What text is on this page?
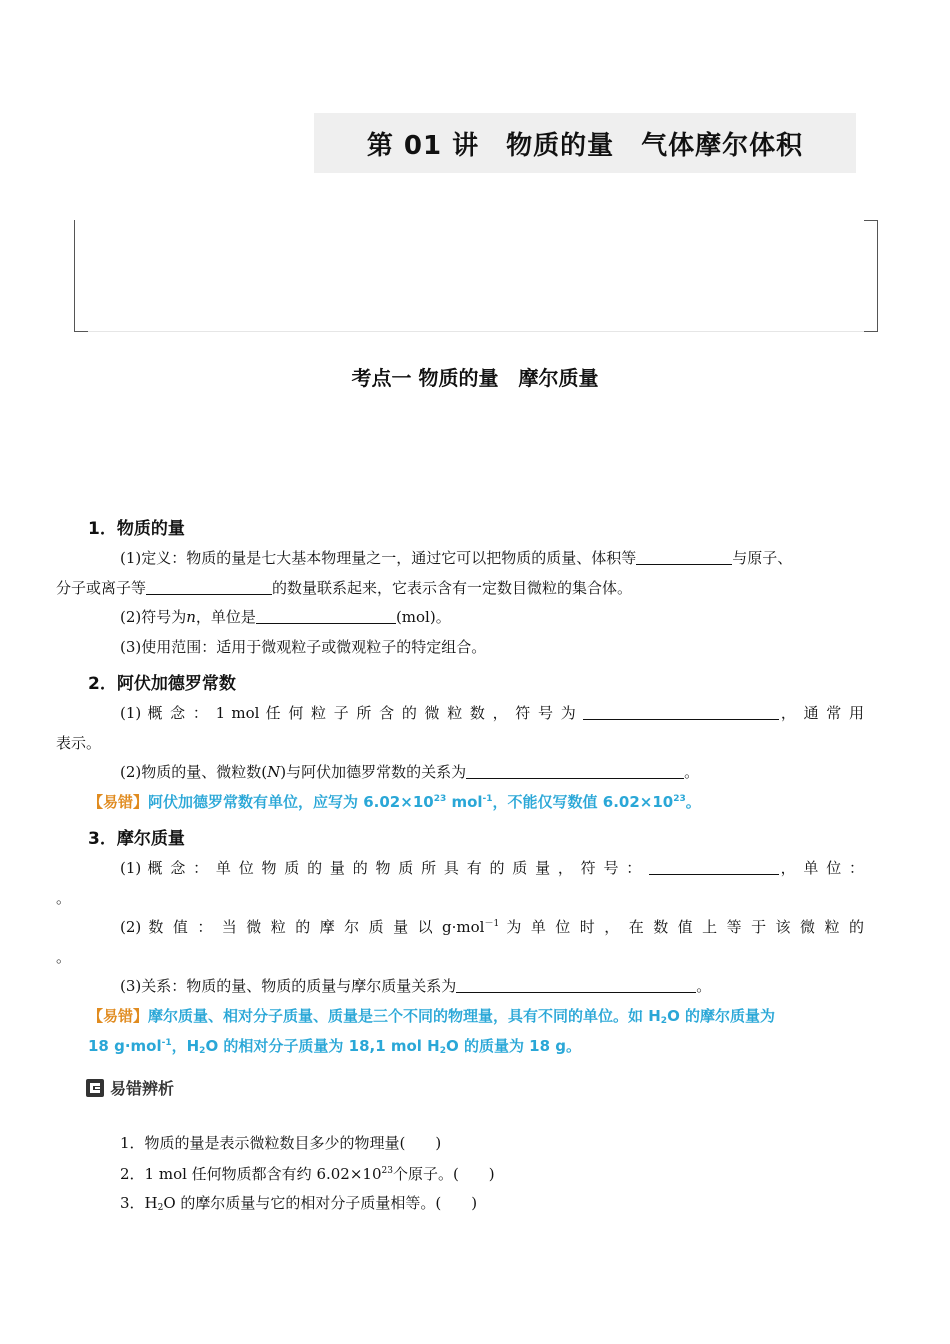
第 01 讲　物质的量　气体摩尔体积
考点一 物质的量　摩尔质量
1．物质的量
(1)定义：物质的量是七大基本物理量之一，通过它可以把物质的质量、体积等	与原子、
分子或离子等	的数量联系起来，它表示含有一定数目微粒的集合体。
(2)符号为n，单位是	(mol)。
(3)使用范围：适用于微观粒子或微观粒子的特定组合。
2．阿伏加德罗常数
(1) 概 念 ： 1 mol 任 何 粒 子 所 含 的 微 粒 数 ， 符 号 为	， 通 常 用
表示。
(2)物质的量、微粒数(N)与阿伏加德罗常数的关系为	。
【易错】阿伏加德罗常数有单位，应写为 $6.02\times 10^{23}$ mol$^{-1}$，不能仅写数值 $6.02\times 10^{23}$。
3．摩尔质量
(1) 概 念 ： 单 位 物 质 的 量 的 物 质 所 具 有 的 质 量 ， 符 号 ：	， 单 位 ：
。
(2) 数 值 ： 当 微 粒 的 摩 尔 质 量 以 g·mol$^{-1}$ 为 单 位 时 ， 在 数 值 上 等 于 该 微 粒 的
。
(3)关系：物质的量、物质的质量与摩尔质量关系为	。
【易错】摩尔质量、相对分子质量、质量是三个不同的物理量，具有不同的单位。如 $H_2O$ 的摩尔质量为
18 g·mol$^{-1}$，$H_2O$ 的相对分子质量为 18,1 mol $H_2O$ 的质量为 18 g。
易错辨析
1．物质的量是表示微粒数目多少的物理量(　　)
2．1 mol 任何物质都含有约 $6.02\times 10^{23}$个原子。(　　)
3．$H_2O$ 的摩尔质量与它的相对分子质量相等。(　　)
